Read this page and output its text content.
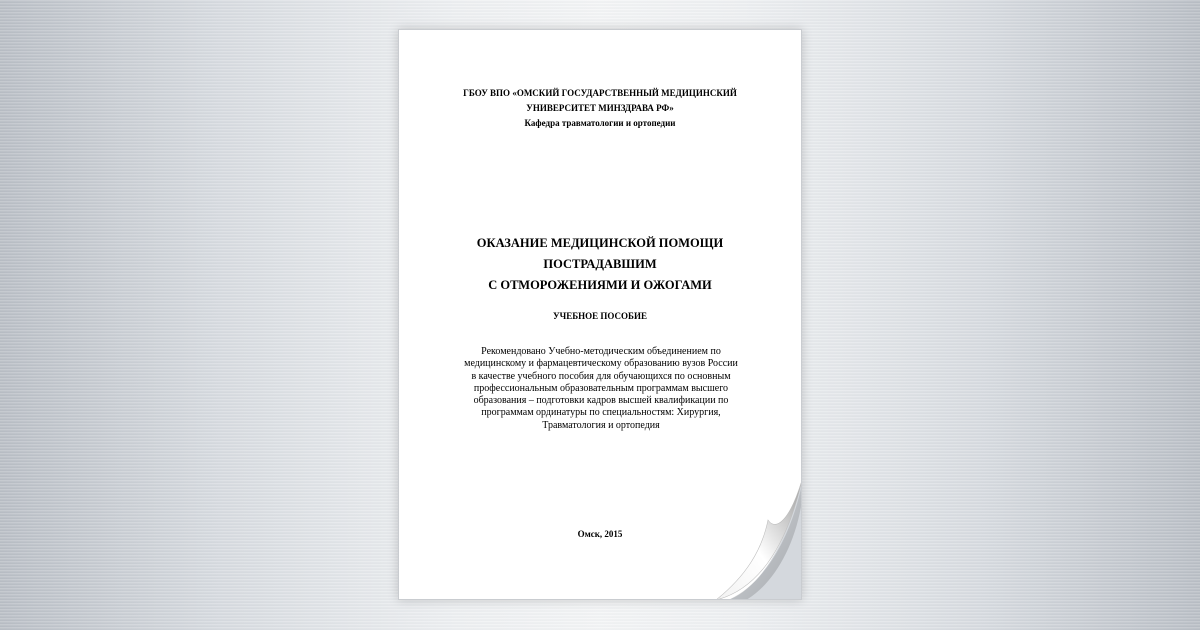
ГБОУ ВПО «ОМСКИЙ ГОСУДАРСТВЕННЫЙ МЕДИЦИНСКИЙ
УНИВЕРСИТЕТ МИНЗДРАВА РФ»
Кафедра травматологии и ортопедии
ОКАЗАНИЕ МЕДИЦИНСКОЙ ПОМОЩИ
ПОСТРАДАВШИМ
С ОТМОРОЖЕНИЯМИ И ОЖОГАМИ
УЧЕБНОЕ ПОСОБИЕ
Рекомендовано Учебно-методическим объединением по
медицинскому и фармацевтическому образованию вузов России
в качестве учебного пособия для обучающихся по основным
профессиональным образовательным программам высшего
образования – подготовки кадров высшей квалификации по
программам ординатуры по специальностям: Хирургия,
Травматология и ортопедия
Омск, 2015
